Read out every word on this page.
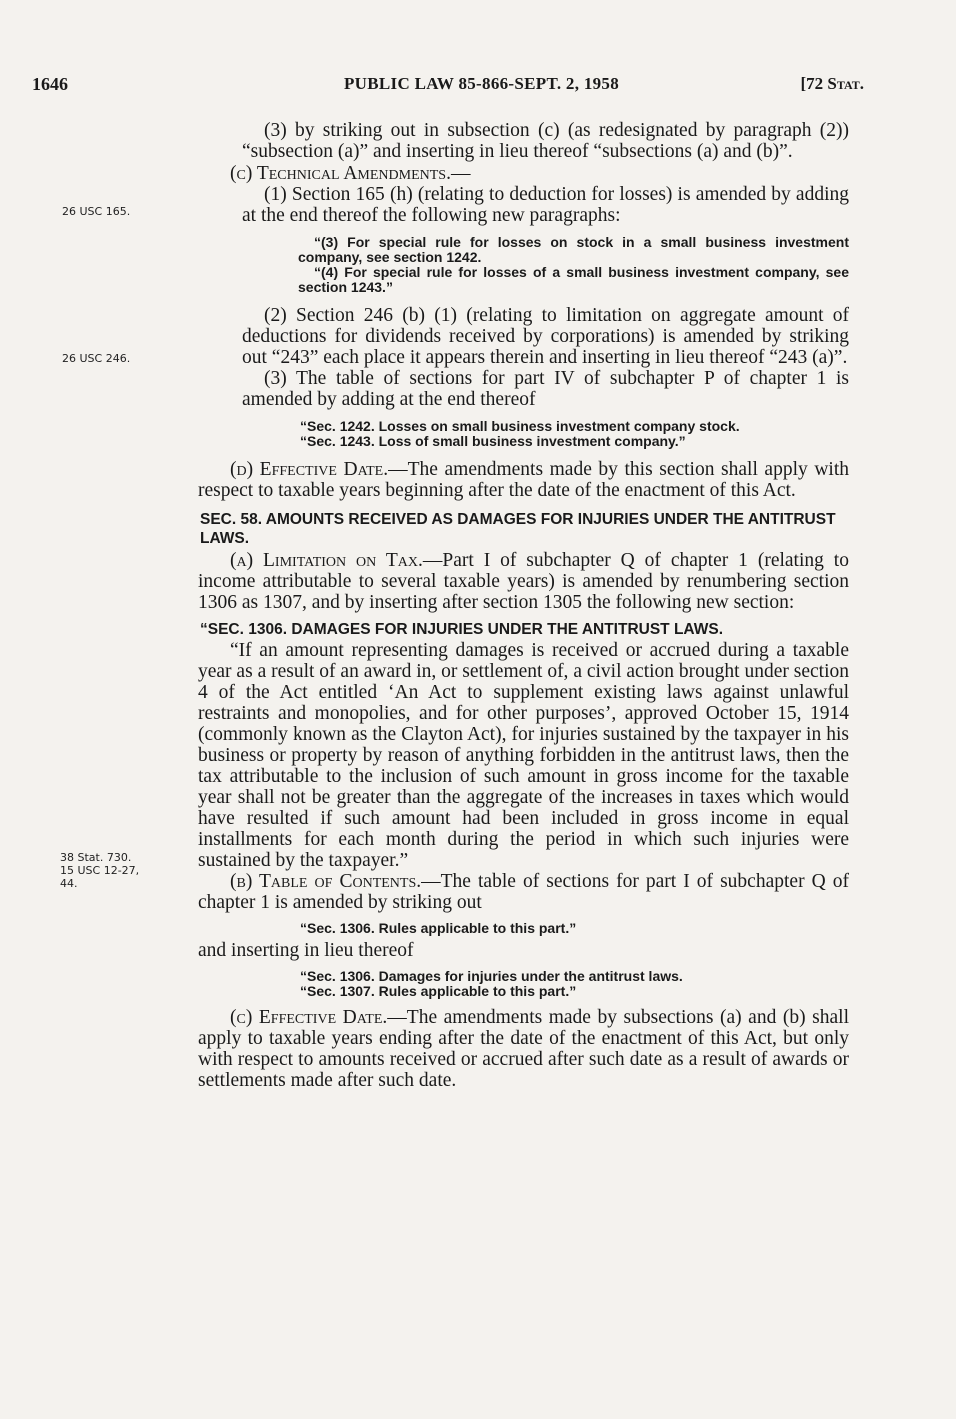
1646	PUBLIC LAW 85-866-SEPT. 2, 1958	[72 Stat.
26 USC 165.
26 USC 246.
38 Stat. 730.
15 USC 12-27,
44.

(3) by striking out in subsection (c) (as redesignated by paragraph (2)) “subsection (a)” and inserting in lieu thereof “subsections (a) and (b)”.

(c) Technical Amendments.—

(1) Section 165 (h) (relating to deduction for losses) is amended by adding at the end thereof the following new paragraphs:

“(3) For special rule for losses on stock in a small business investment company, see section 1242.

“(4) For special rule for losses of a small business investment company, see section 1243.”

(2) Section 246 (b) (1) (relating to limitation on aggregate amount of deductions for dividends received by corporations) is amended by striking out “243” each place it appears therein and inserting in lieu thereof “243 (a)”.

(3) The table of sections for part IV of subchapter P of chapter 1 is amended by adding at the end thereof

“Sec. 1242. Losses on small business investment company stock.

“Sec. 1243. Loss of small business investment company.”

(d) Effective Date.—The amendments made by this section shall apply with respect to taxable years beginning after the date of the enactment of this Act.

SEC. 58. AMOUNTS RECEIVED AS DAMAGES FOR INJURIES UNDER THE ANTITRUST LAWS.

(a) Limitation on Tax.—Part I of subchapter Q of chapter 1 (relating to income attributable to several taxable years) is amended by renumbering section 1306 as 1307, and by inserting after section 1305 the following new section:

“SEC. 1306. DAMAGES FOR INJURIES UNDER THE ANTITRUST LAWS.

“If an amount representing damages is received or accrued during a taxable year as a result of an award in, or settlement of, a civil action brought under section 4 of the Act entitled ‘An Act to supplement existing laws against unlawful restraints and monopolies, and for other purposes’, approved October 15, 1914 (commonly known as the Clayton Act), for injuries sustained by the taxpayer in his business or property by reason of anything forbidden in the antitrust laws, then the tax attributable to the inclusion of such amount in gross income for the taxable year shall not be greater than the aggregate of the increases in taxes which would have resulted if such amount had been included in gross income in equal installments for each month during the period in which such injuries were sustained by the taxpayer.”

(b) Table of Contents.—The table of sections for part I of subchapter Q of chapter 1 is amended by striking out

“Sec. 1306. Rules applicable to this part.”

and inserting in lieu thereof

“Sec. 1306. Damages for injuries under the antitrust laws.

“Sec. 1307. Rules applicable to this part.”

(c) Effective Date.—The amendments made by subsections (a) and (b) shall apply to taxable years ending after the date of the enactment of this Act, but only with respect to amounts received or accrued after such date as a result of awards or settlements made after such date.
